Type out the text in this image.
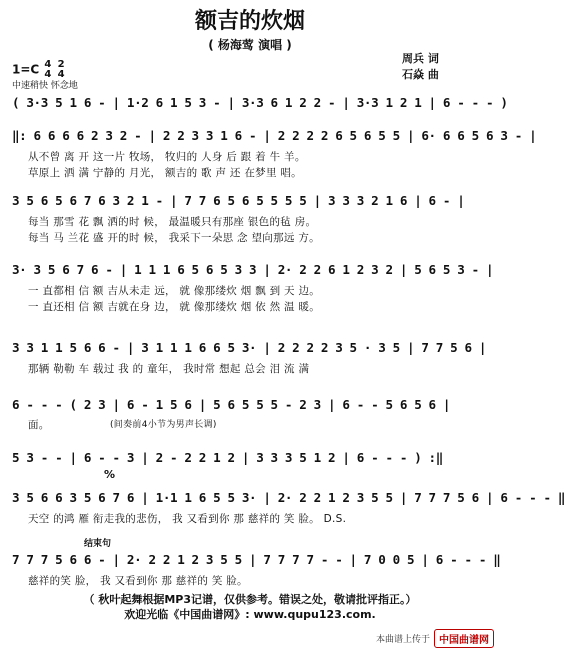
额吉的炊烟
( 杨海莺 演唱 )
周兵 词
石焱 曲
1=C 4
4 2
4
中速稍快 怀念地
( 3·3 5 1 6 - | 1·2 6 1 5 3 - | 3·3 6 1 2 2 - | 3·3 1 2 1 | 6 - - - )
‖: 6 6 6 6 2 3 2 - | 2 2 3 3 1 6 - | 2 2 2 2 6 5 6 5 5 | 6· 6 6 5 6 3 - |
从不曾 离 开 这一片 牧场， 牧归的 人身 后 跟 着 牛 羊。
草原上 洒 满 宁静的 月光， 额吉的 歌 声 还 在梦里 唱。
3 5 6 5 6 7 6 3 2 1 - | 7 7 6 5 6 5 5 5 5 | 3 3 3 2 1 6 | 6 - |
每当 那雪 花 飘 洒的时 候， 最温暖只有那座 银色的毡 房。
每当 马 兰花 盛 开的时 候， 我采下一朵思 念 望向那远 方。
3· 3 5 6 7 6 - | 1 1 1 6 5 6 5 3 3 | 2· 2 2 6 1 2 3 2 | 5 6 5 3 - |
一 直都相 信 额 吉从未走 远， 就 像那缕炊 烟 飘 到 天 边。
一 直还相 信 额 吉就在身 边， 就 像那缕炊 烟 依 然 温 暖。
3 3 1 1 5 6 6 - | 3 1 1 1 6 6 5 3· | 2 2 2 2 3 5 · 3 5 | 7 7 5 6 |
那辆 勒勒 车 载过 我 的 童年， 我时常 想起 总会 泪 流 满
6 - - - ( 2 3 | 6 - 1 5 6 | 5 6 5 5 5 - 2 3 | 6 - - 5 6 5 6 |
面。	(间奏前4小节为男声长调)
5 3 - - | 6 - - 3 | 2 - 2 2 1 2 | 3 3 3 5 1 2 | 6 - - - ) :‖
%
3 5 6 6 3 5 6 7 6 | 1·1 1 6 5 5 3· | 2· 2 2 1 2 3 5 5 | 7 7 7 5 6 | 6 - - - ‖
天空 的鸿 雁 衔走我的悲伤， 我 又看到你 那 慈祥的 笑 脸。 D.S.
结束句
7 7 7 5 6 6 - | 2· 2 2 1 2 3 5 5 | 7 7 7 7 - - | 7 0 0 5 | 6 - - - ‖
慈祥的笑 脸， 我 又看到你 那 慈祥的 笑 脸。
（ 秋叶起舞根据MP3记谱，仅供参考。错误之处，敬请批评指正。）
欢迎光临《中国曲谱网》: www.qupu123.com.
本曲谱上传于 中国曲谱网
